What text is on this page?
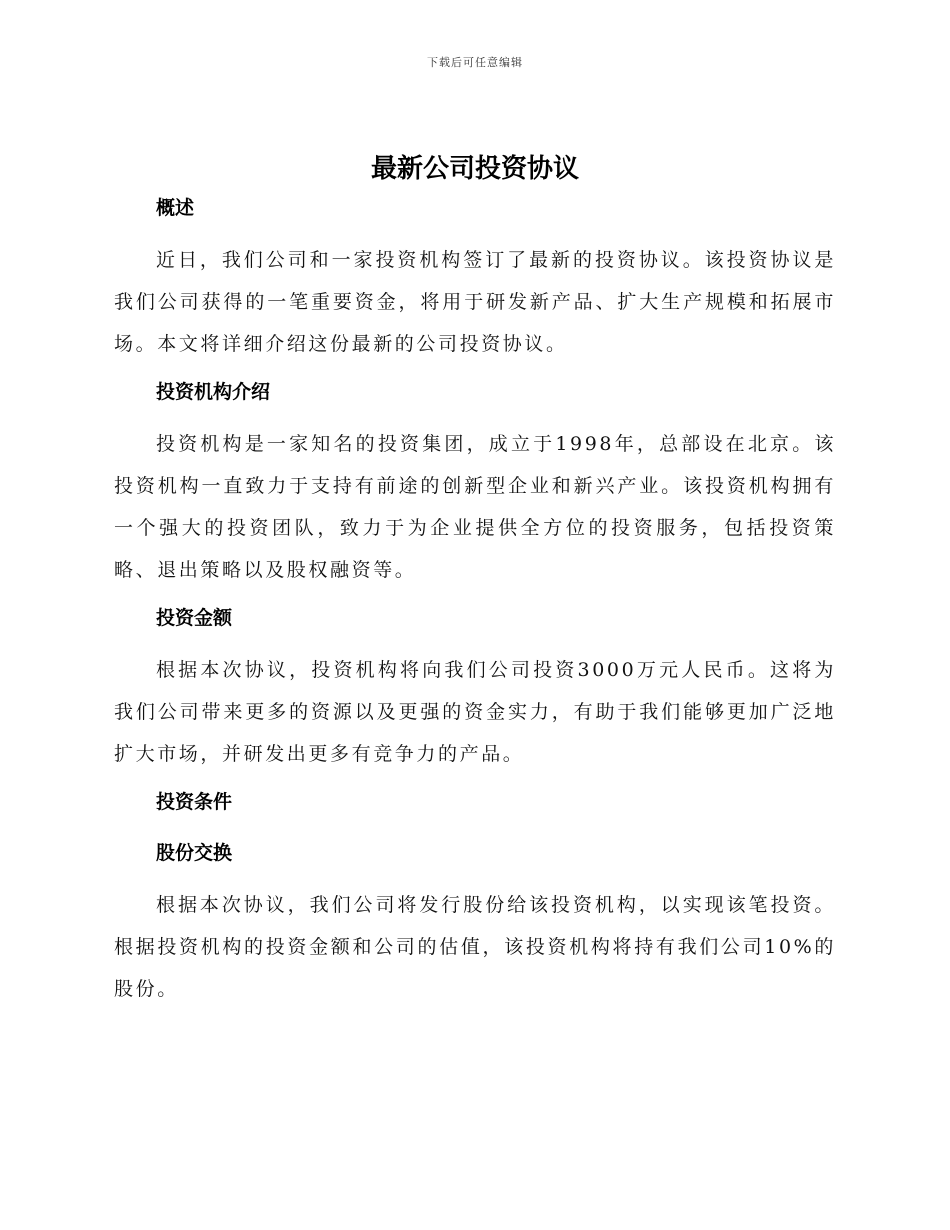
下载后可任意编辑
最新公司投资协议
概述

近日，我们公司和一家投资机构签订了最新的投资协议。该投资协议是我们公司获得的一笔重要资金，将用于研发新产品、扩大生产规模和拓展市场。本文将详细介绍这份最新的公司投资协议。

投资机构介绍

投资机构是一家知名的投资集团，成立于1998年，总部设在北京。该投资机构一直致力于支持有前途的创新型企业和新兴产业。该投资机构拥有一个强大的投资团队，致力于为企业提供全方位的投资服务，包括投资策略、退出策略以及股权融资等。

投资金额

根据本次协议，投资机构将向我们公司投资3000万元人民币。这将为我们公司带来更多的资源以及更强的资金实力，有助于我们能够更加广泛地扩大市场，并研发出更多有竞争力的产品。

投资条件
股份交换

根据本次协议，我们公司将发行股份给该投资机构，以实现该笔投资。根据投资机构的投资金额和公司的估值，该投资机构将持有我们公司10%的股份。
